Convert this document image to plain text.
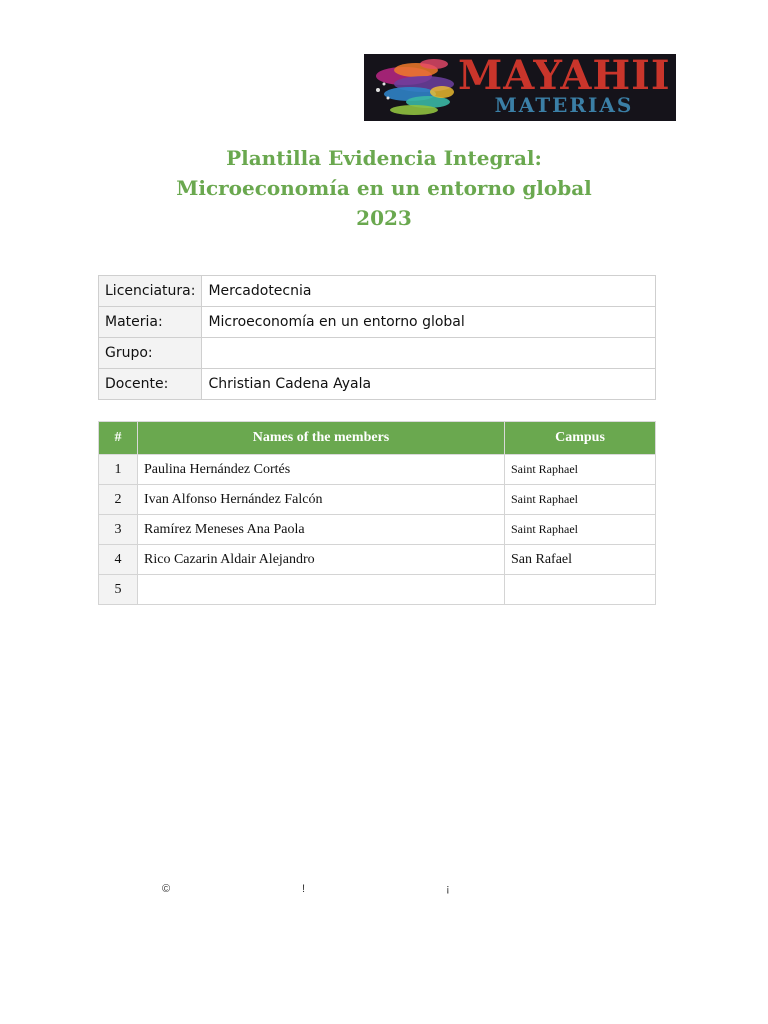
MAYAHII
MATERIAS
Plantilla Evidencia Integral:
Microeconomía en un entorno global
2023
Licenciatura:	Mercadotecnia
Materia:	Microeconomía en un entorno global
Grupo:	
Docente:	Christian Cadena Ayala
#	Names of the members	Campus
1	Paulina Hernández Cortés	Saint Raphael
2	Ivan Alfonso Hernández Falcón	Saint Raphael
3	Ramírez Meneses Ana Paola	Saint Raphael
4	Rico Cazarin Aldair Alejandro	San Rafael
5		
©	!	¡
